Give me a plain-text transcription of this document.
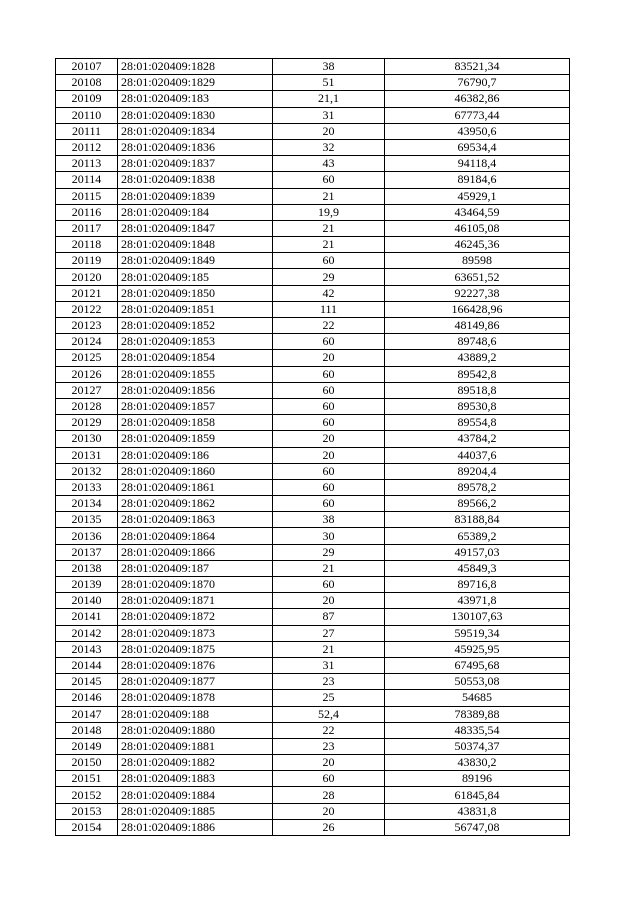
20107	28:01:020409:1828	38	83521,34
20108	28:01:020409:1829	51	76790,7
20109	28:01:020409:183	21,1	46382,86
20110	28:01:020409:1830	31	67773,44
20111	28:01:020409:1834	20	43950,6
20112	28:01:020409:1836	32	69534,4
20113	28:01:020409:1837	43	94118,4
20114	28:01:020409:1838	60	89184,6
20115	28:01:020409:1839	21	45929,1
20116	28:01:020409:184	19,9	43464,59
20117	28:01:020409:1847	21	46105,08
20118	28:01:020409:1848	21	46245,36
20119	28:01:020409:1849	60	89598
20120	28:01:020409:185	29	63651,52
20121	28:01:020409:1850	42	92227,38
20122	28:01:020409:1851	111	166428,96
20123	28:01:020409:1852	22	48149,86
20124	28:01:020409:1853	60	89748,6
20125	28:01:020409:1854	20	43889,2
20126	28:01:020409:1855	60	89542,8
20127	28:01:020409:1856	60	89518,8
20128	28:01:020409:1857	60	89530,8
20129	28:01:020409:1858	60	89554,8
20130	28:01:020409:1859	20	43784,2
20131	28:01:020409:186	20	44037,6
20132	28:01:020409:1860	60	89204,4
20133	28:01:020409:1861	60	89578,2
20134	28:01:020409:1862	60	89566,2
20135	28:01:020409:1863	38	83188,84
20136	28:01:020409:1864	30	65389,2
20137	28:01:020409:1866	29	49157,03
20138	28:01:020409:187	21	45849,3
20139	28:01:020409:1870	60	89716,8
20140	28:01:020409:1871	20	43971,8
20141	28:01:020409:1872	87	130107,63
20142	28:01:020409:1873	27	59519,34
20143	28:01:020409:1875	21	45925,95
20144	28:01:020409:1876	31	67495,68
20145	28:01:020409:1877	23	50553,08
20146	28:01:020409:1878	25	54685
20147	28:01:020409:188	52,4	78389,88
20148	28:01:020409:1880	22	48335,54
20149	28:01:020409:1881	23	50374,37
20150	28:01:020409:1882	20	43830,2
20151	28:01:020409:1883	60	89196
20152	28:01:020409:1884	28	61845,84
20153	28:01:020409:1885	20	43831,8
20154	28:01:020409:1886	26	56747,08
